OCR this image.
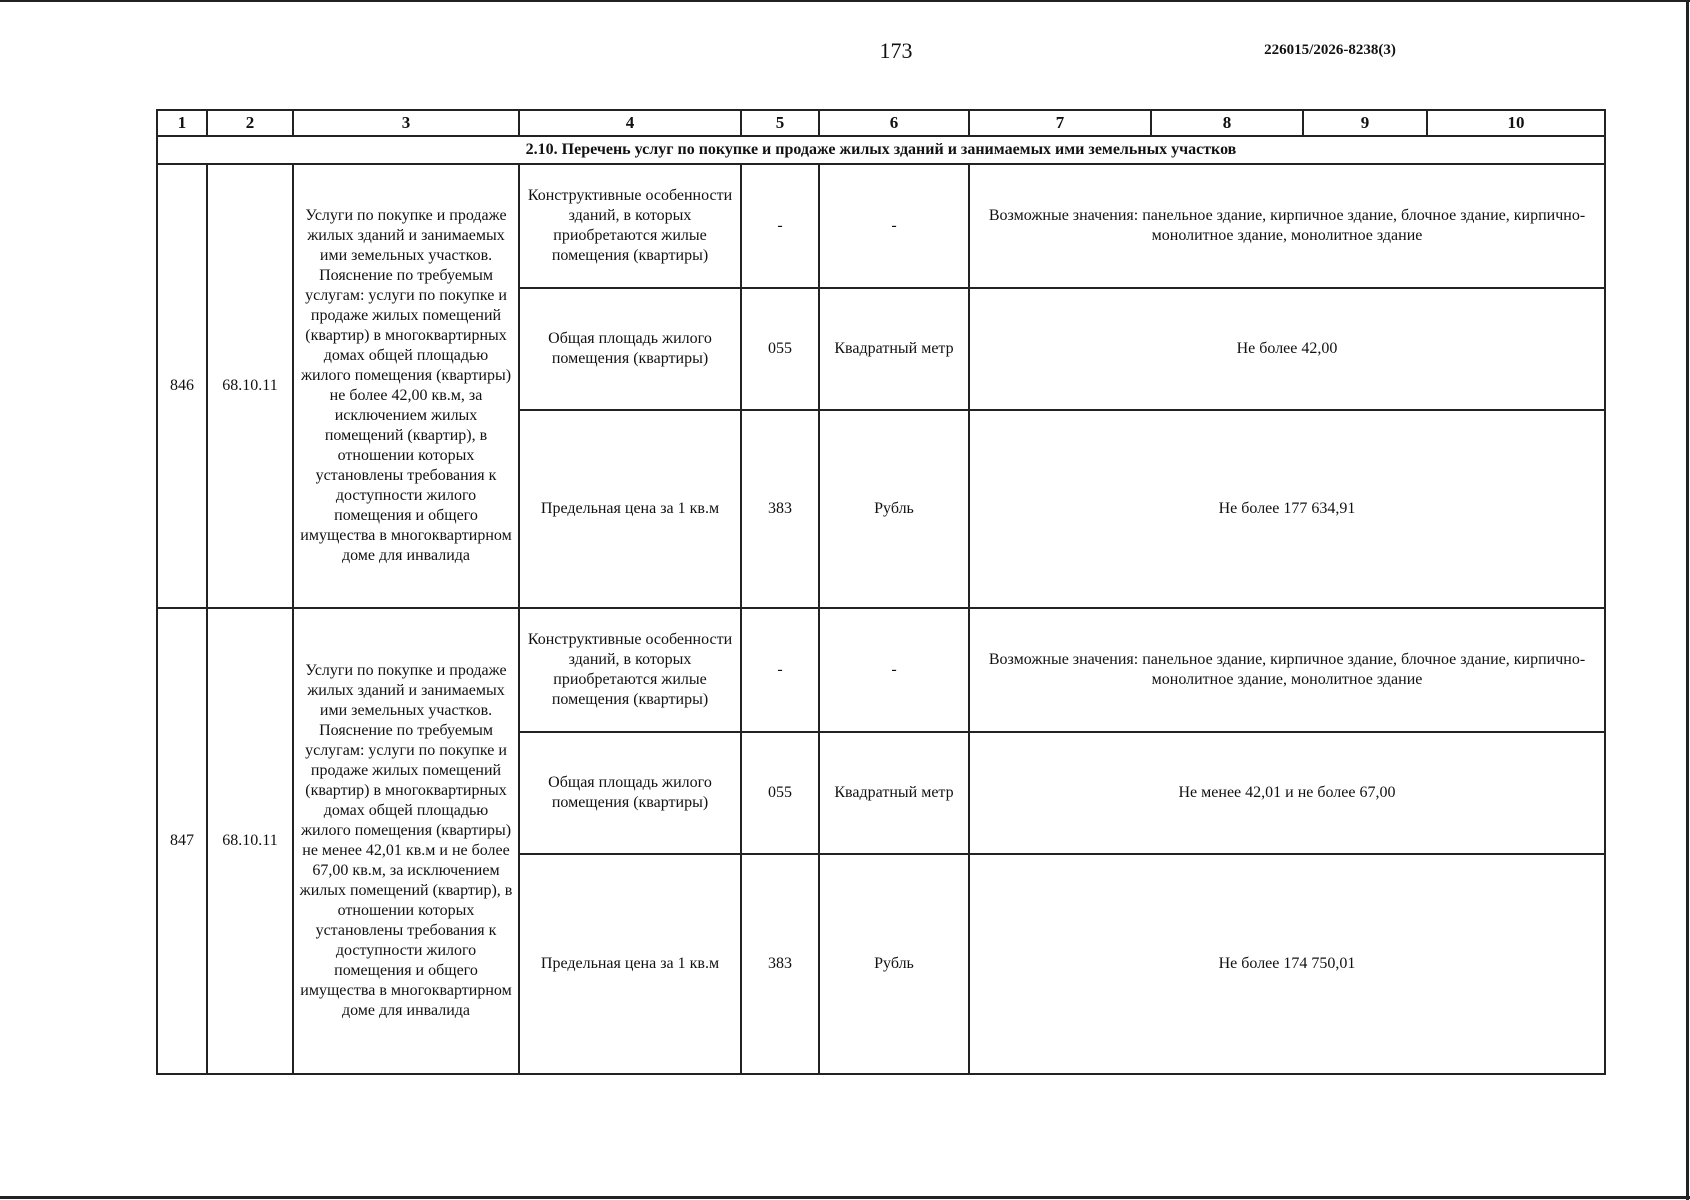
173	226015/2026-8238(3)
1	2	3	4	5	6	7	8	9	10
2.10. Перечень услуг по покупке и продаже жилых зданий и занимаемых ими земельных участков									
846	68.10.11	Услуги по покупке и продаже жилых зданий и занимаемых ими земельных участков. Пояснение по требуемым услугам: услуги по покупке и продаже жилых помещений (квартир) в многоквартирных домах общей площадью жилого помещения (квартиры) не более 42,00 кв.м, за исключением жилых помещений (квартир), в отношении которых установлены требования к доступности жилого помещения и общего имущества в многоквартирном доме для инвалида	Конструктивные особенности зданий, в которых приобретаются жилые помещения (квартиры)	-	-	Возможные значения: панельное здание, кирпичное здание, блочное здание, кирпично-монолитное здание, монолитное здание			
			Общая площадь жилого помещения (квартиры)	055	Квадратный метр	Не более 42,00			
			Предельная цена за 1 кв.м	383	Рубль	Не более 177 634,91			
847	68.10.11	Услуги по покупке и продаже жилых зданий и занимаемых ими земельных участков. Пояснение по требуемым услугам: услуги по покупке и продаже жилых помещений (квартир) в многоквартирных домах общей площадью жилого помещения (квартиры) не менее 42,01 кв.м и не более 67,00 кв.м, за исключением жилых помещений (квартир), в отношении которых установлены требования к доступности жилого помещения и общего имущества в многоквартирном доме для инвалида	Конструктивные особенности зданий, в которых приобретаются жилые помещения (квартиры)	-	-	Возможные значения: панельное здание, кирпичное здание, блочное здание, кирпично-монолитное здание, монолитное здание			
			Общая площадь жилого помещения (квартиры)	055	Квадратный метр	Не менее 42,01 и не более 67,00			
			Предельная цена за 1 кв.м	383	Рубль	Не более 174 750,01			
